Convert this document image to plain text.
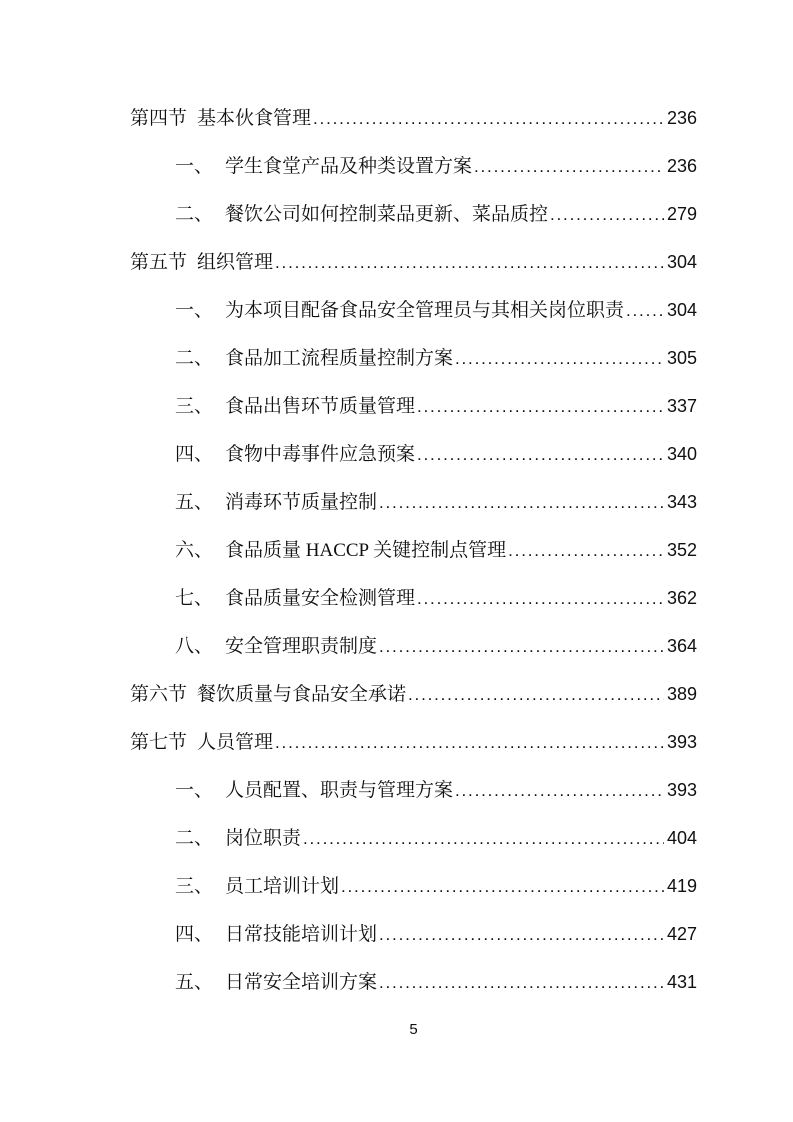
第四节 基本伙食管理 .....	236
一、 学生食堂产品及种类设置方案 .....	236
二、 餐饮公司如何控制菜品更新、菜品质控 .....	279
第五节 组织管理 .....	304
一、 为本项目配备食品安全管理员与其相关岗位职责 ..... 304
二、 食品加工流程质量控制方案 .....	305
三、 食品出售环节质量管理 .....	337
四、 食物中毒事件应急预案 .....	340
五、 消毒环节质量控制 .....	343
六、 食品质量 HACCP 关键控制点管理 .....	352
七、 食品质量安全检测管理 .....	362
八、 安全管理职责制度 .....	364
第六节 餐饮质量与食品安全承诺 .....	389
第七节 人员管理 .....	393
一、 人员配置、职责与管理方案 .....	393
二、 岗位职责 .....	404
三、 员工培训计划 .....	419
四、 日常技能培训计划 .....	427
五、 日常安全培训方案 .....	431
5
